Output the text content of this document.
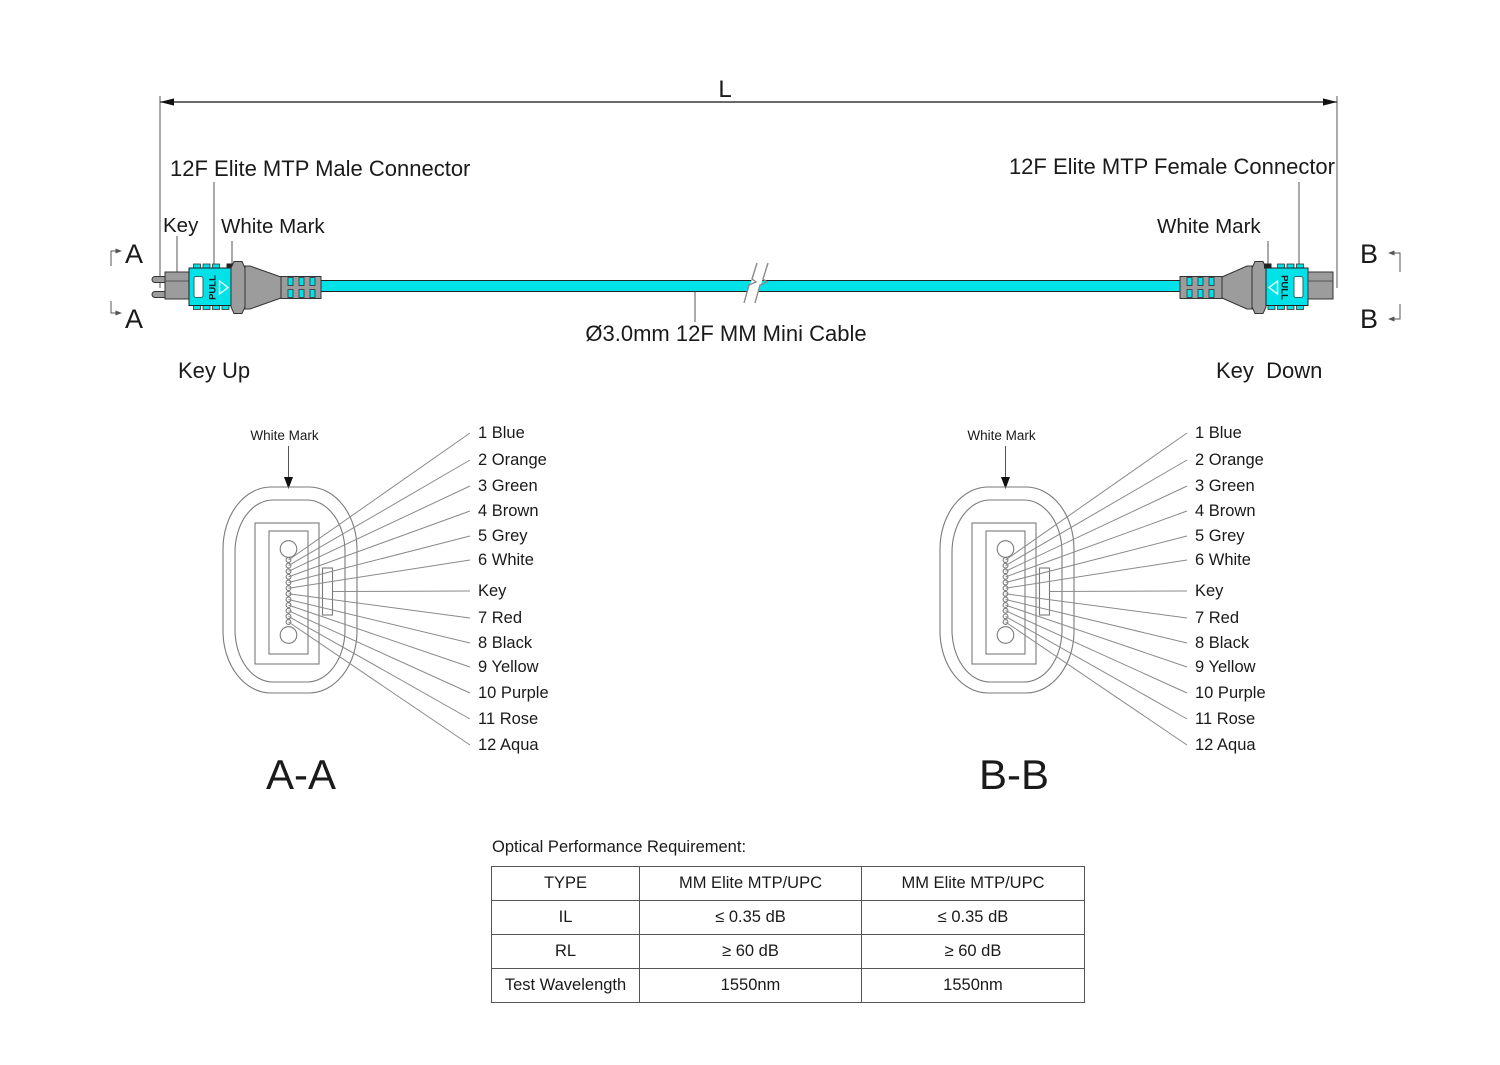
L
12F Elite MTP Male Connector	12F Elite MTP Female Connector
Key White Mark	White Mark
Key Up	Key  Down
Ø3.0mm 12F MM Mini Cable
A
A
B
B
PULL	PULL
White Mark	1 Blue
2 Orange
3 Green
4 Brown
5 Grey
6 White
Key
7 Red
8 Black
9 Yellow
10 Purple
11 Rose
12 Aqua
A-A
White Mark	1 Blue
2 Orange
3 Green
4 Brown
5 Grey
6 White
Key
7 Red
8 Black
9 Yellow
10 Purple
11 Rose
B-B
12 Aqua

Optical Performance Requirement:

TYPE	MM Elite MTP/UPC	MM Elite MTP/UPC
IL	≤ 0.35 dB	≤ 0.35 dB
RL	≥ 60 dB	≥ 60 dB
Test Wavelength	1550nm	1550nm
